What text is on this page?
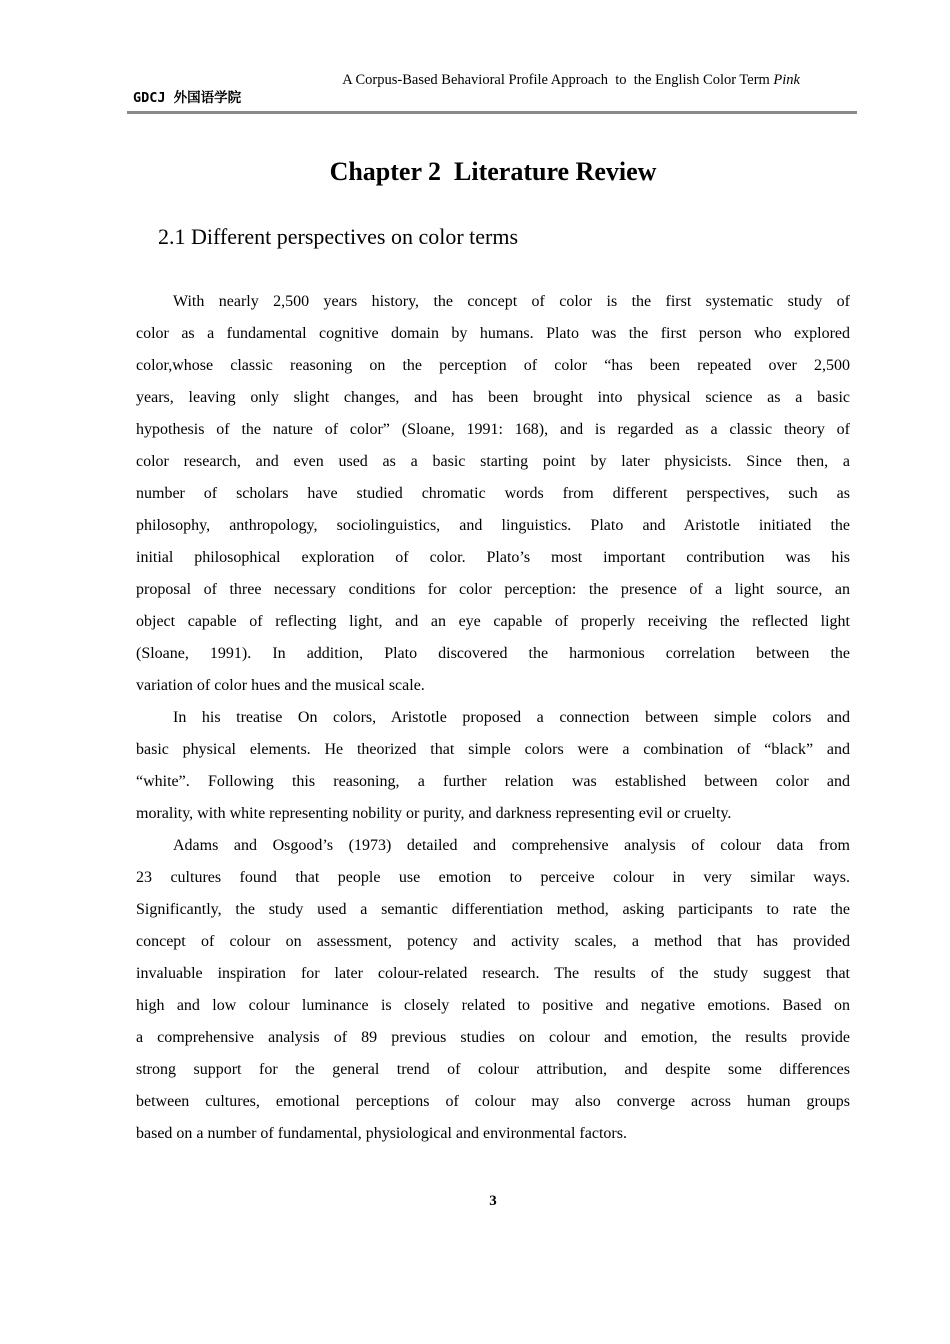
GDCJ 外国语学院

A Corpus-Based Behavioral Profile Approach  to  the English Color Term Pink

Chapter 2  Literature Review
2.1 Different perspectives on color terms

With nearly 2,500 years history, the concept of color is the first systematic study of
color as a fundamental cognitive domain by humans. Plato was the first person who explored
color,whose classic reasoning on the perception of color “has been repeated over 2,500
years, leaving only slight changes, and has been brought into physical science as a basic
hypothesis of the nature of color” (Sloane, 1991: 168), and is regarded as a classic theory of
color research, and even used as a basic starting point by later physicists. Since then, a
number of scholars have studied chromatic words from different perspectives, such as
philosophy, anthropology, sociolinguistics, and linguistics. Plato and Aristotle initiated the
initial philosophical exploration of color. Plato’s most important contribution was his
proposal of three necessary conditions for color perception: the presence of a light source, an
object capable of reflecting light, and an eye capable of properly receiving the reflected light
(Sloane, 1991). In addition, Plato discovered the harmonious correlation between the
variation of color hues and the musical scale.

In his treatise On colors, Aristotle proposed a connection between simple colors and
basic physical elements. He theorized that simple colors were a combination of “black” and
“white”. Following this reasoning, a further relation was established between color and
morality, with white representing nobility or purity, and darkness representing evil or cruelty.

Adams and Osgood’s (1973) detailed and comprehensive analysis of colour data from
23 cultures found that people use emotion to perceive colour in very similar ways.
Significantly, the study used a semantic differentiation method, asking participants to rate the
concept of colour on assessment, potency and activity scales, a method that has provided
invaluable inspiration for later colour-related research. The results of the study suggest that
high and low colour luminance is closely related to positive and negative emotions. Based on
a comprehensive analysis of 89 previous studies on colour and emotion, the results provide
strong support for the general trend of colour attribution, and despite some differences
between cultures, emotional perceptions of colour may also converge across human groups
based on a number of fundamental, physiological and environmental factors.

3
